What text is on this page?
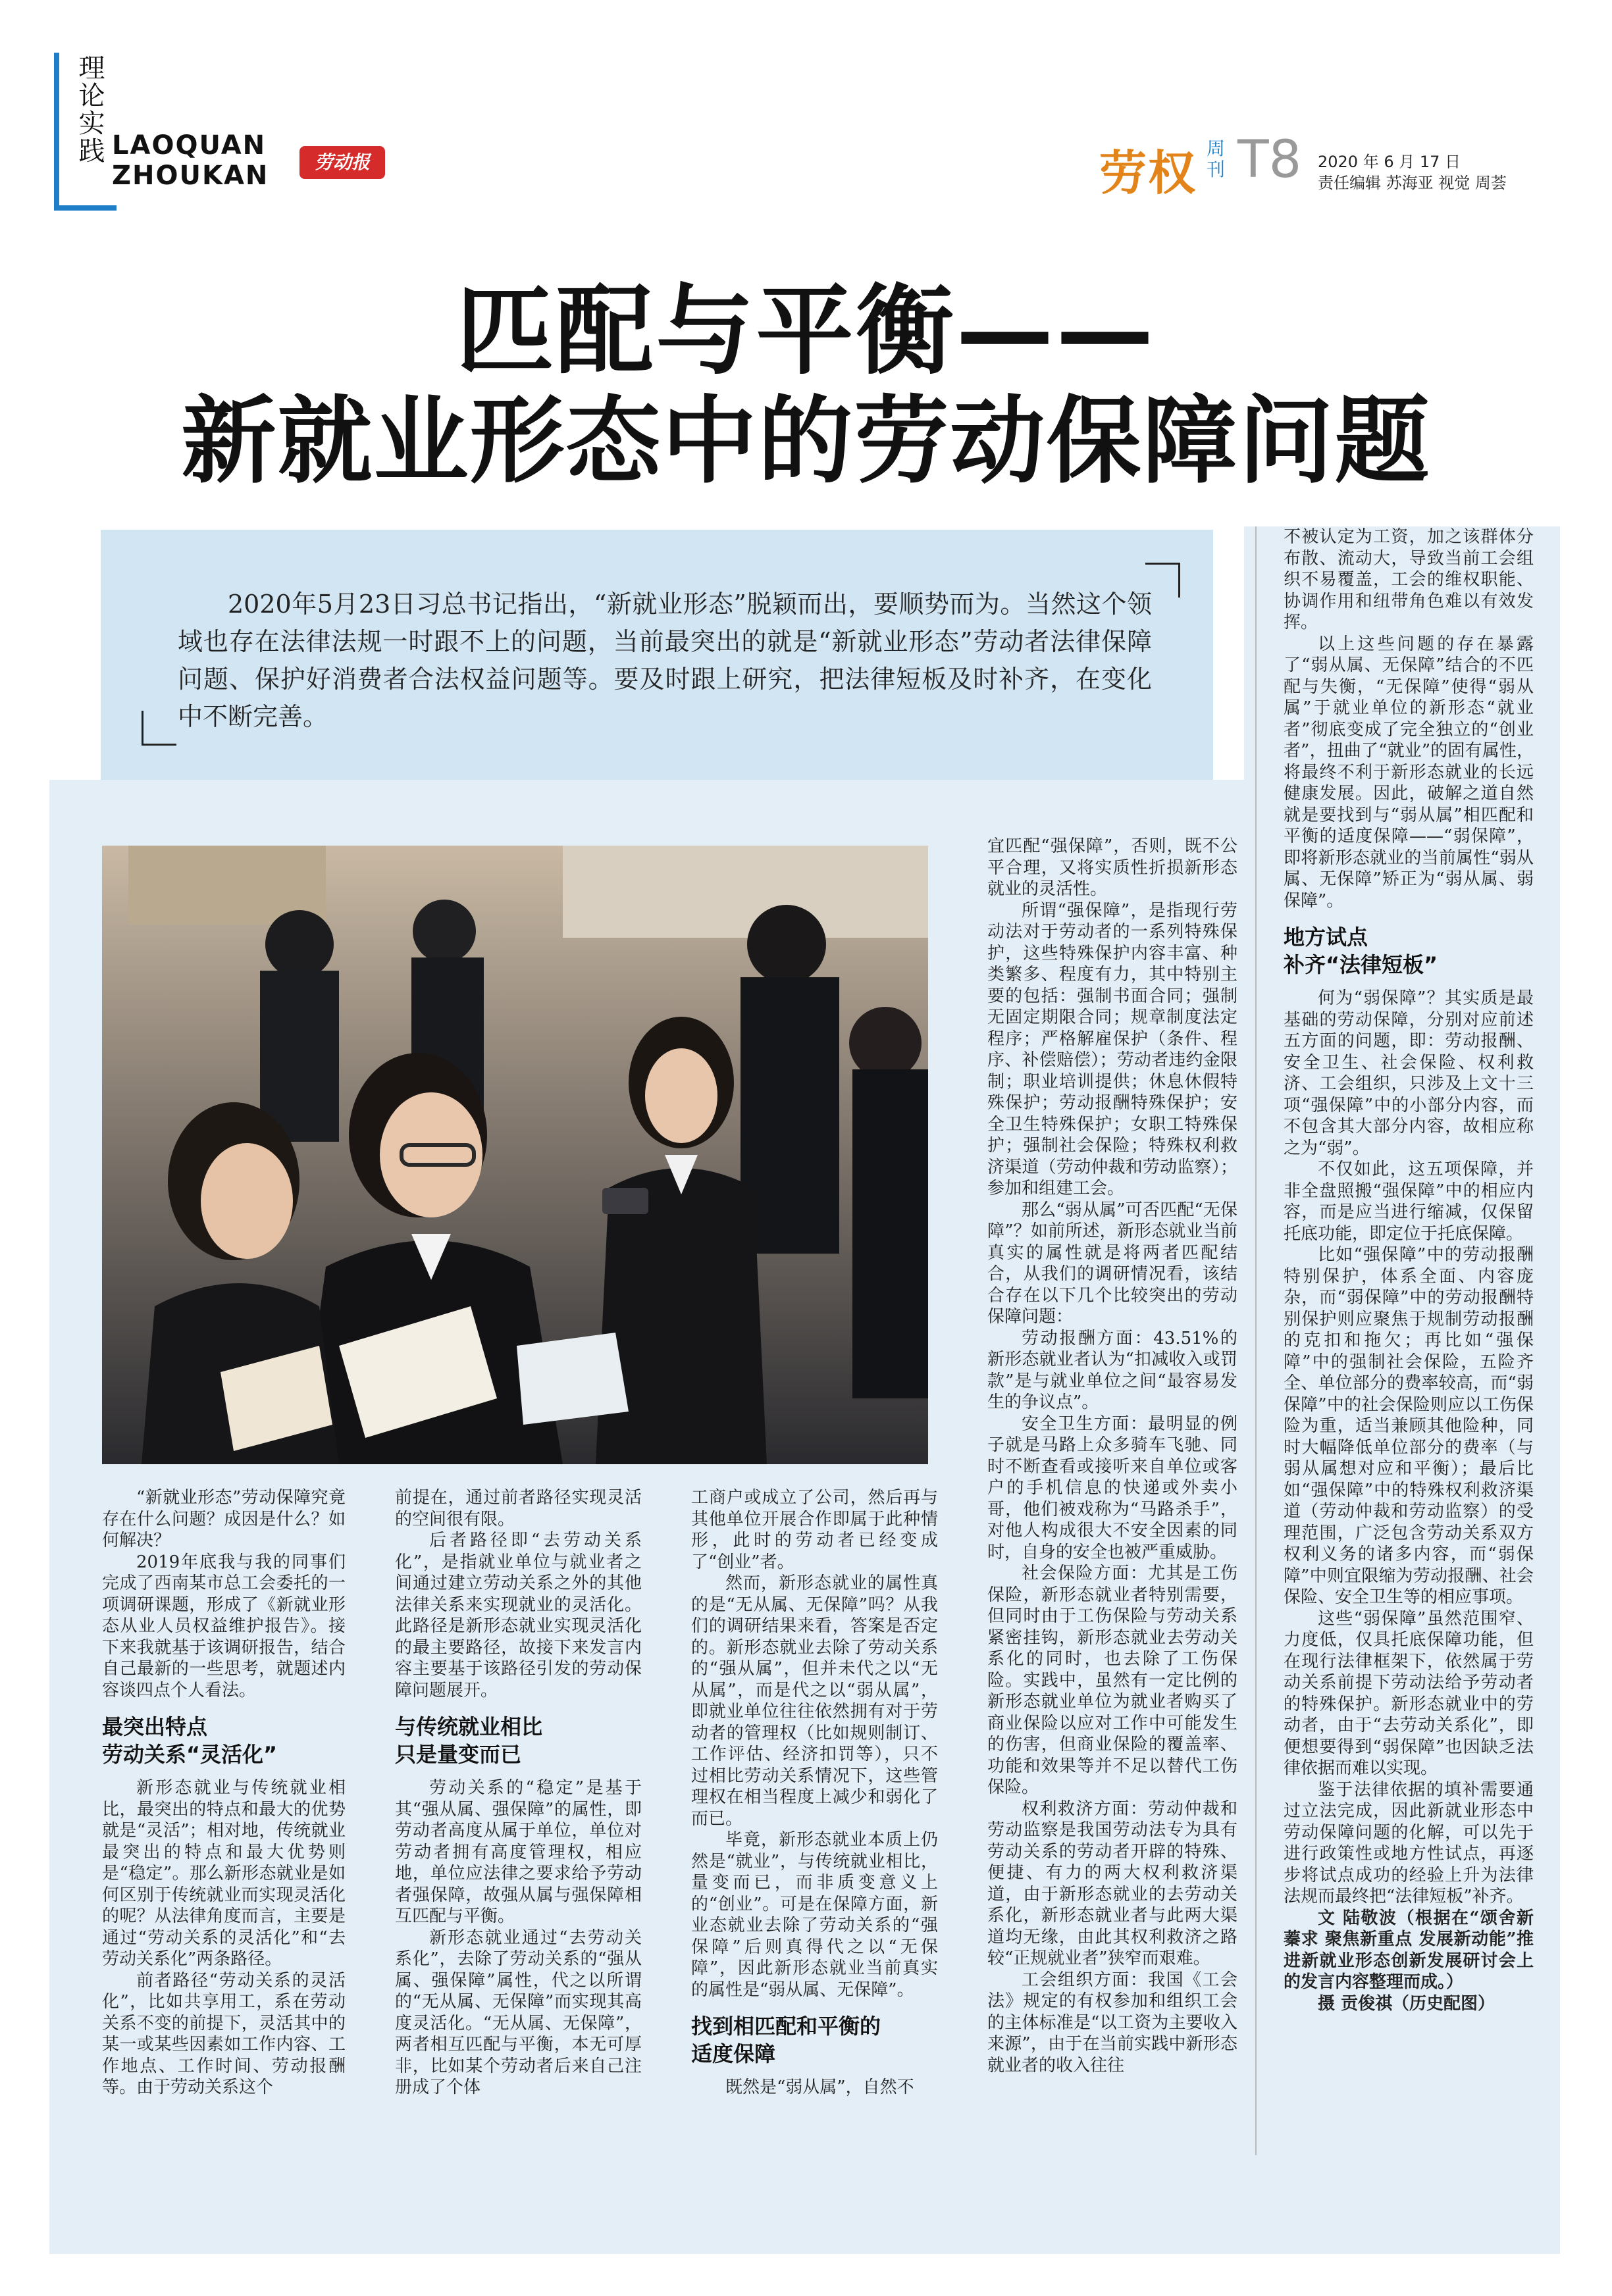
理论实践 LAOQUAN
ZHOUKAN	劳动报	劳权 周刊 T8 2020 年 6 月 17 日
责任编辑 苏海亚 视觉 周荟
匹配与平衡——
新就业形态中的劳动保障问题
2020年5月23日习总书记指出，“新就业形态”脱颖而出，要顺势而为。当然这个领域也存在法律法规一时跟不上的问题，当前最突出的就是“新就业形态”劳动者法律保障问题、保护好消费者合法权益问题等。要及时跟上研究，把法律短板及时补齐，在变化中不断完善。

“新就业形态”劳动保障究竟存在什么问题？成因是什么？如何解决？

2019年底我与我的同事们完成了西南某市总工会委托的一项调研课题，形成了《新就业形态从业人员权益维护报告》。接下来我就基于该调研报告，结合自己最新的一些思考，就题述内容谈四点个人看法。

最突出特点
劳动关系“灵活化”

新形态就业与传统就业相比，最突出的特点和最大的优势就是“灵活”；相对地，传统就业最突出的特点和最大优势则是“稳定”。那么新形态就业是如何区别于传统就业而实现灵活化的呢？从法律角度而言，主要是通过“劳动关系的灵活化”和“去劳动关系化”两条路径。

前者路径“劳动关系的灵活化”，比如共享用工，系在劳动关系不变的前提下，灵活其中的某一或某些因素如工作内容、工作地点、工作时间、劳动报酬等。由于劳动关系这个

前提在，通过前者路径实现灵活的空间很有限。

后者路径即“去劳动关系化”，是指就业单位与就业者之间通过建立劳动关系之外的其他法律关系来实现就业的灵活化。此路径是新形态就业实现灵活化的最主要路径，故接下来发言内容主要基于该路径引发的劳动保障问题展开。

与传统就业相比
只是量变而已

劳动关系的“稳定”是基于其“强从属、强保障”的属性，即劳动者高度从属于单位，单位对劳动者拥有高度管理权，相应地，单位应法律之要求给予劳动者强保障，故强从属与强保障相互匹配与平衡。

新形态就业通过“去劳动关系化”，去除了劳动关系的“强从属、强保障”属性，代之以所谓的“无从属、无保障”而实现其高度灵活化。“无从属、无保障”，两者相互匹配与平衡，本无可厚非，比如某个劳动者后来自己注册成了个体

工商户或成立了公司，然后再与其他单位开展合作即属于此种情形，此时的劳动者已经变成了“创业”者。

然而，新形态就业的属性真的是“无从属、无保障”吗？从我们的调研结果来看，答案是否定的。新形态就业去除了劳动关系的“强从属”，但并未代之以“无从属”，而是代之以“弱从属”，即就业单位往往依然拥有对于劳动者的管理权（比如规则制订、工作评估、经济扣罚等），只不过相比劳动关系情况下，这些管理权在相当程度上减少和弱化了而已。

毕竟，新形态就业本质上仍然是“就业”，与传统就业相比，量变而已，而非质变意义上的“创业”。可是在保障方面，新业态就业去除了劳动关系的“强保障”后则真得代之以“无保障”，因此新形态就业当前真实的属性是“弱从属、无保障”。

找到相匹配和平衡的
适度保障

既然是“弱从属”，自然不

宜匹配“强保障”，否则，既不公平合理，又将实质性折损新形态就业的灵活性。

所谓“强保障”，是指现行劳动法对于劳动者的一系列特殊保护，这些特殊保护内容丰富、种类繁多、程度有力，其中特别主要的包括：强制书面合同；强制无固定期限合同；规章制度法定程序；严格解雇保护（条件、程序、补偿赔偿）；劳动者违约金限制；职业培训提供；休息休假特殊保护；劳动报酬特殊保护；安全卫生特殊保护；女职工特殊保护；强制社会保险；特殊权利救济渠道（劳动仲裁和劳动监察）；参加和组建工会。

那么“弱从属”可否匹配“无保障”？如前所述，新形态就业当前真实的属性就是将两者匹配结合，从我们的调研情况看，该结合存在以下几个比较突出的劳动保障问题：

劳动报酬方面：43.51%的新形态就业者认为“扣减收入或罚款”是与就业单位之间“最容易发生的争议点”。

安全卫生方面：最明显的例子就是马路上众多骑车飞驰、同时不断查看或接听来自单位或客户的手机信息的快递或外卖小哥，他们被戏称为“马路杀手”，对他人构成很大不安全因素的同时，自身的安全也被严重威胁。

社会保险方面：尤其是工伤保险，新形态就业者特别需要，但同时由于工伤保险与劳动关系紧密挂钩，新形态就业去劳动关系化的同时，也去除了工伤保险。实践中，虽然有一定比例的新形态就业单位为就业者购买了商业保险以应对工作中可能发生的伤害，但商业保险的覆盖率、功能和效果等并不足以替代工伤保险。

权利救济方面：劳动仲裁和劳动监察是我国劳动法专为具有劳动关系的劳动者开辟的特殊、便捷、有力的两大权利救济渠道，由于新形态就业的去劳动关系化，新形态就业者与此两大渠道均无缘，由此其权利救济之路较“正规就业者”狭窄而艰难。

工会组织方面：我国《工会法》规定的有权参加和组织工会的主体标准是“以工资为主要收入来源”，由于在当前实践中新形态就业者的收入往往

不被认定为工资，加之该群体分布散、流动大，导致当前工会组织不易覆盖，工会的维权职能、协调作用和纽带角色难以有效发挥。

以上这些问题的存在暴露了“弱从属、无保障”结合的不匹配与失衡，“无保障”使得“弱从属”于就业单位的新形态“就业者”彻底变成了完全独立的“创业者”，扭曲了“就业”的固有属性，将最终不利于新形态就业的长远健康发展。因此，破解之道自然就是要找到与“弱从属”相匹配和平衡的适度保障——“弱保障”，即将新形态就业的当前属性“弱从属、无保障”矫正为“弱从属、弱保障”。

地方试点
补齐“法律短板”

何为“弱保障”？其实质是最基础的劳动保障，分别对应前述五方面的问题，即：劳动报酬、安全卫生、社会保险、权利救济、工会组织，只涉及上文十三项“强保障”中的小部分内容，而不包含其大部分内容，故相应称之为“弱”。

不仅如此，这五项保障，并非全盘照搬“强保障”中的相应内容，而是应当进行缩减，仅保留托底功能，即定位于托底保障。

比如“强保障”中的劳动报酬特别保护，体系全面、内容庞杂，而“弱保障”中的劳动报酬特别保护则应聚焦于规制劳动报酬的克扣和拖欠；再比如“强保障”中的强制社会保险，五险齐全、单位部分的费率较高，而“弱保障”中的社会保险则应以工伤保险为重，适当兼顾其他险种，同时大幅降低单位部分的费率（与弱从属想对应和平衡）；最后比如“强保障”中的特殊权利救济渠道（劳动仲裁和劳动监察）的受理范围，广泛包含劳动关系双方权利义务的诸多内容，而“弱保障”中则宜限缩为劳动报酬、社会保险、安全卫生等的相应事项。

这些“弱保障”虽然范围窄、力度低，仅具托底保障功能，但在现行法律框架下，依然属于劳动关系前提下劳动法给予劳动者的特殊保护。新形态就业中的劳动者，由于“去劳动关系化”，即便想要得到“弱保障”也因缺乏法律依据而难以实现。

鉴于法律依据的填补需要通过立法完成，因此新就业形态中劳动保障问题的化解，可以先于进行政策性或地方性试点，再逐步将试点成功的经验上升为法律法规而最终把“法律短板”补齐。

文 陆敬波（根据在“颂舍新蓁求 聚焦新重点 发展新动能”推进新就业形态创新发展研讨会上的发言内容整理而成。）

摄 贡俊祺（历史配图）
